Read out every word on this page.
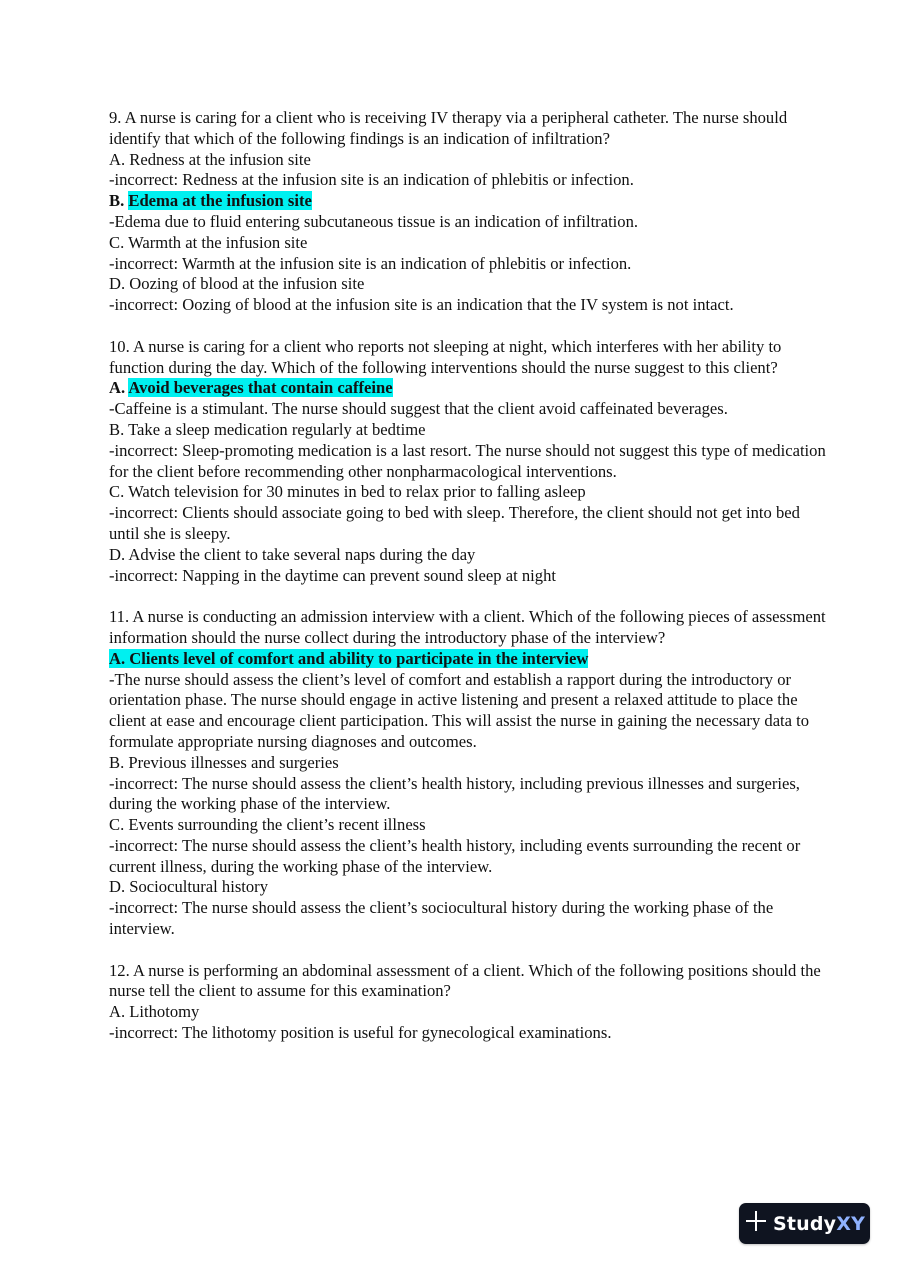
9. A nurse is caring for a client who is receiving IV therapy via a peripheral catheter. The nurse should identify that which of the following findings is an indication of infiltration?
A. Redness at the infusion site
-incorrect: Redness at the infusion site is an indication of phlebitis or infection.
B. Edema at the infusion site
-Edema due to fluid entering subcutaneous tissue is an indication of infiltration.
C. Warmth at the infusion site
-incorrect: Warmth at the infusion site is an indication of phlebitis or infection.
D. Oozing of blood at the infusion site
-incorrect: Oozing of blood at the infusion site is an indication that the IV system is not intact.
10. A nurse is caring for a client who reports not sleeping at night, which interferes with her ability to function during the day. Which of the following interventions should the nurse suggest to this client?
A. Avoid beverages that contain caffeine
-Caffeine is a stimulant. The nurse should suggest that the client avoid caffeinated beverages.
B. Take a sleep medication regularly at bedtime
-incorrect: Sleep-promoting medication is a last resort. The nurse should not suggest this type of medication for the client before recommending other nonpharmacological interventions.
C. Watch television for 30 minutes in bed to relax prior to falling asleep
-incorrect: Clients should associate going to bed with sleep. Therefore, the client should not get into bed until she is sleepy.
D. Advise the client to take several naps during the day
-incorrect: Napping in the daytime can prevent sound sleep at night
11. A nurse is conducting an admission interview with a client. Which of the following pieces of assessment information should the nurse collect during the introductory phase of the interview?
A. Clients level of comfort and ability to participate in the interview
-The nurse should assess the client’s level of comfort and establish a rapport during the introductory or orientation phase. The nurse should engage in active listening and present a relaxed attitude to place the client at ease and encourage client participation. This will assist the nurse in gaining the necessary data to formulate appropriate nursing diagnoses and outcomes.
B. Previous illnesses and surgeries
-incorrect: The nurse should assess the client’s health history, including previous illnesses and surgeries, during the working phase of the interview.
C. Events surrounding the client’s recent illness
-incorrect: The nurse should assess the client’s health history, including events surrounding the recent or current illness, during the working phase of the interview.
D. Sociocultural history
-incorrect: The nurse should assess the client’s sociocultural history during the working phase of the interview.
12. A nurse is performing an abdominal assessment of a client. Which of the following positions should the nurse tell the client to assume for this examination?
A. Lithotomy
-incorrect: The lithotomy position is useful for gynecological examinations.
StudyXY
